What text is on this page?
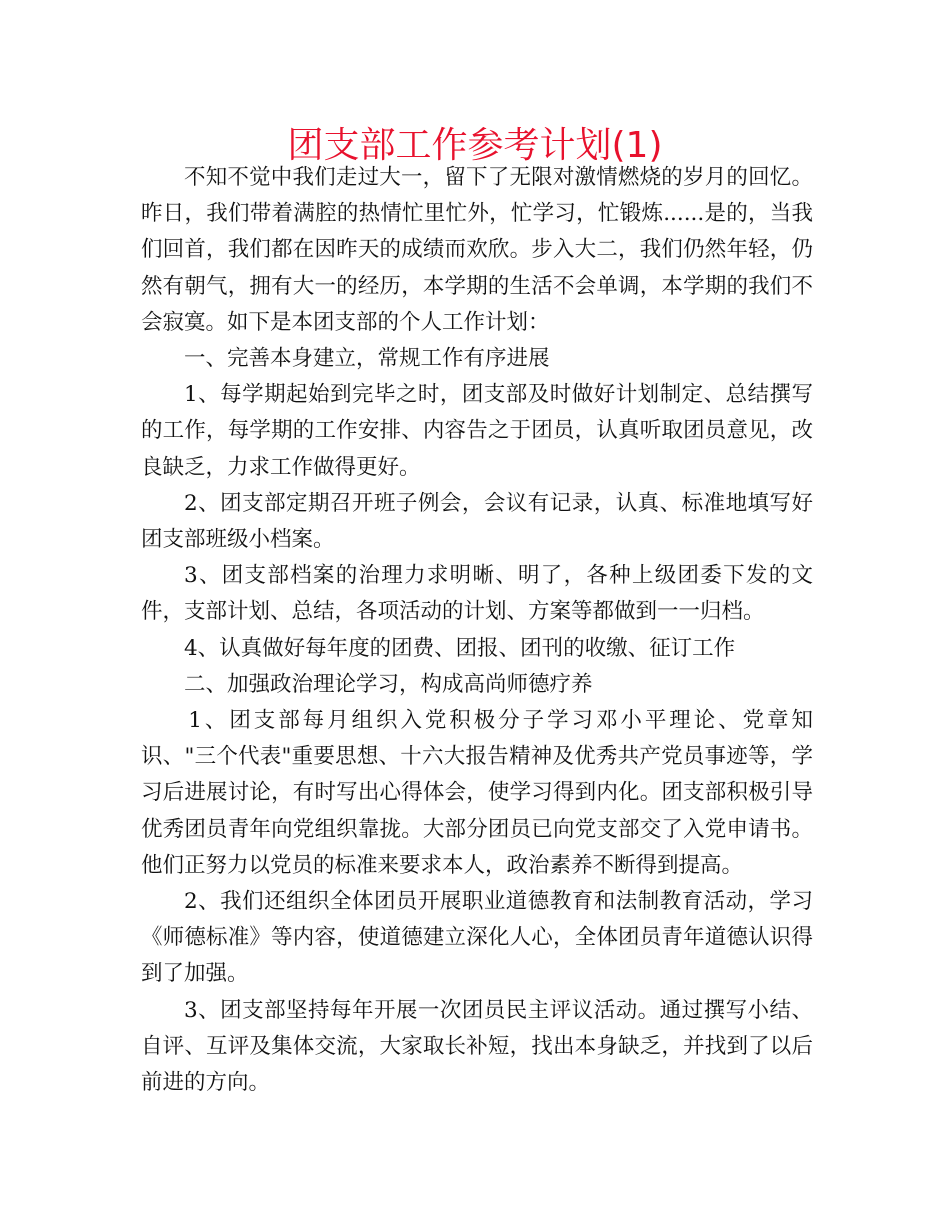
团支部工作参考计划(1)

不知不觉中我们走过大一，留下了无限对激情燃烧的岁月的回忆。昨日，我们带着满腔的热情忙里忙外，忙学习，忙锻炼......是的，当我们回首，我们都在因昨天的成绩而欢欣。步入大二，我们仍然年轻，仍然有朝气，拥有大一的经历，本学期的生活不会单调，本学期的我们不会寂寞。如下是本团支部的个人工作计划：

一、完善本身建立，常规工作有序进展

1、每学期起始到完毕之时，团支部及时做好计划制定、总结撰写的工作，每学期的工作安排、内容告之于团员，认真听取团员意见，改良缺乏，力求工作做得更好。

2、团支部定期召开班子例会，会议有记录，认真、标准地填写好团支部班级小档案。

3、团支部档案的治理力求明晰、明了，各种上级团委下发的文件，支部计划、总结，各项活动的计划、方案等都做到一一归档。

4、认真做好每年度的团费、团报、团刊的收缴、征订工作

二、加强政治理论学习，构成高尚师德疗养

1、团支部每月组织入党积极分子学习邓小平理论、党章知识、"三个代表"重要思想、十六大报告精神及优秀共产党员事迹等，学习后进展讨论，有时写出心得体会，使学习得到内化。团支部积极引导优秀团员青年向党组织靠拢。大部分团员已向党支部交了入党申请书。他们正努力以党员的标准来要求本人，政治素养不断得到提高。

2、我们还组织全体团员开展职业道德教育和法制教育活动，学习《师德标准》等内容，使道德建立深化人心，全体团员青年道德认识得到了加强。

3、团支部坚持每年开展一次团员民主评议活动。通过撰写小结、自评、互评及集体交流，大家取长补短，找出本身缺乏，并找到了以后前进的方向。
